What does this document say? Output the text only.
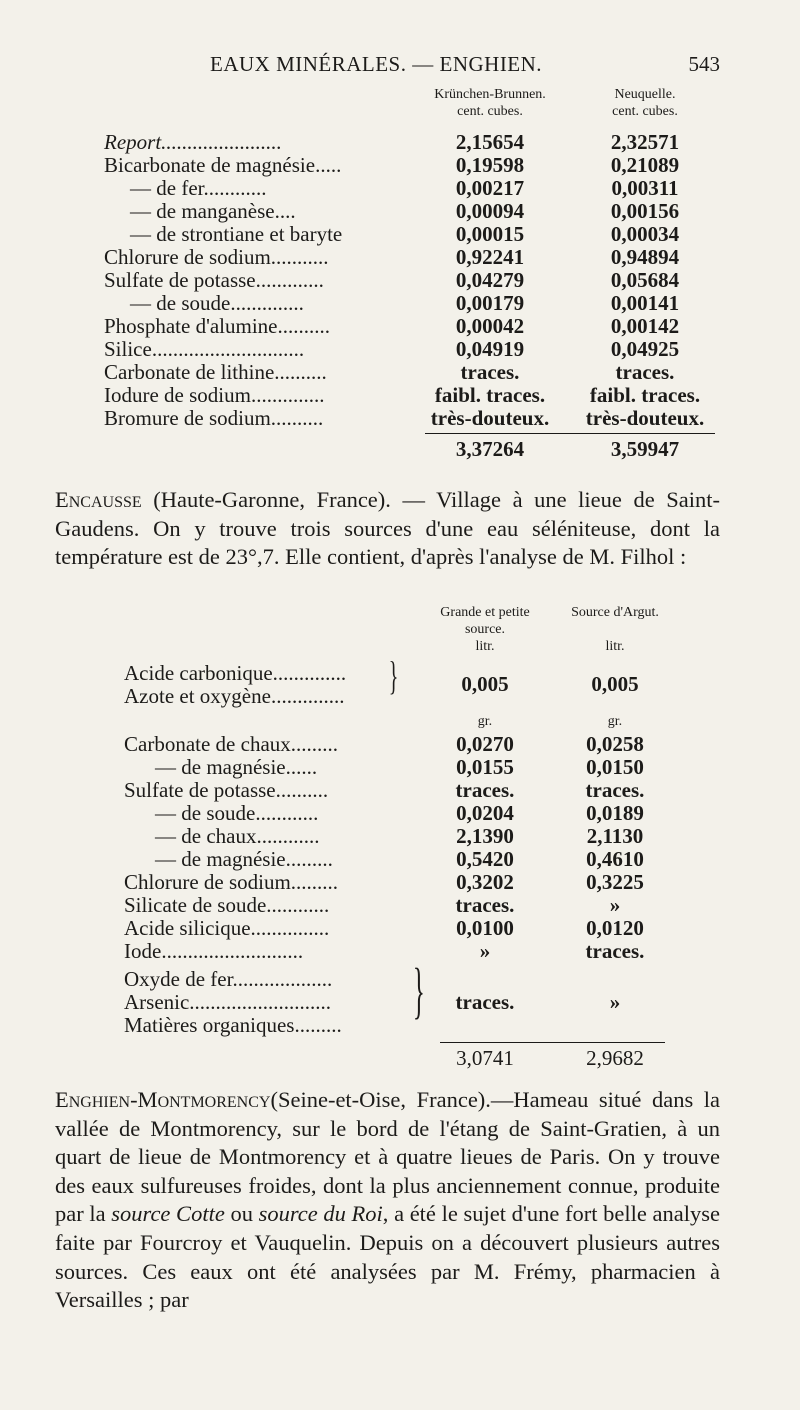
EAUX MINÉRALES. — ENGHIEN.	543
Krünchen-Brunnen.
cent. cubes.
Neuquelle.
cent. cubes.
Report.......................	2,15654	2,32571
Bicarbonate de magnésie.....	0,19598	0,21089
— de fer............	0,00217	0,00311
— de manganèse....	0,00094	0,00156
— de strontiane et baryte	0,00015	0,00034
Chlorure de sodium...........	0,92241	0,94894
Sulfate de potasse.............	0,04279	0,05684
— de soude..............	0,00179	0,00141
Phosphate d'alumine..........	0,00042	0,00142
Silice.............................	0,04919	0,04925
Carbonate de lithine..........	traces.	traces.
Iodure de sodium..............	faibl. traces.	faibl. traces.
Bromure de sodium..........	très-douteux.	très-douteux.
3,37264	3,59947

Encausse (Haute-Garonne, France). — Village à une lieue de Saint-Gaudens. On y trouve trois sources d'une eau séléniteuse, dont la température est de 23°,7. Elle contient, d'après l'analyse de M. Filhol :

Grande et petite
source.
litr.
Source d'Argut.

litr.
Acide carbonique..............
Azote et oxygène.............. }	0,005	0,005
gr.	gr.
Carbonate de chaux.........	0,0270	0,0258
— de magnésie......	0,0155	0,0150
Sulfate de potasse..........	traces.	traces.
— de soude............	0,0204	0,0189
— de chaux............	2,1390	2,1130
— de magnésie.........	0,5420	0,4610
Chlorure de sodium.........	0,3202	0,3225
Silicate de soude............	traces.	»
Acide silicique...............	0,0100	0,0120
Iode...........................	»	traces.
Oxyde de fer...................
Arsenic...........................
Matières organiques......... }	traces.	»
3,0741	2,9682

Enghien-Montmorency(Seine-et-Oise, France).—Hameau situé dans la vallée de Montmorency, sur le bord de l'étang de Saint-Gratien, à un quart de lieue de Montmorency et à quatre lieues de Paris. On y trouve des eaux sulfureuses froides, dont la plus anciennement connue, produite par la source Cotte ou source du Roi, a été le sujet d'une fort belle analyse faite par Fourcroy et Vauquelin. Depuis on a découvert plusieurs autres sources. Ces eaux ont été analysées par M. Frémy, pharmacien à Versailles ; par
